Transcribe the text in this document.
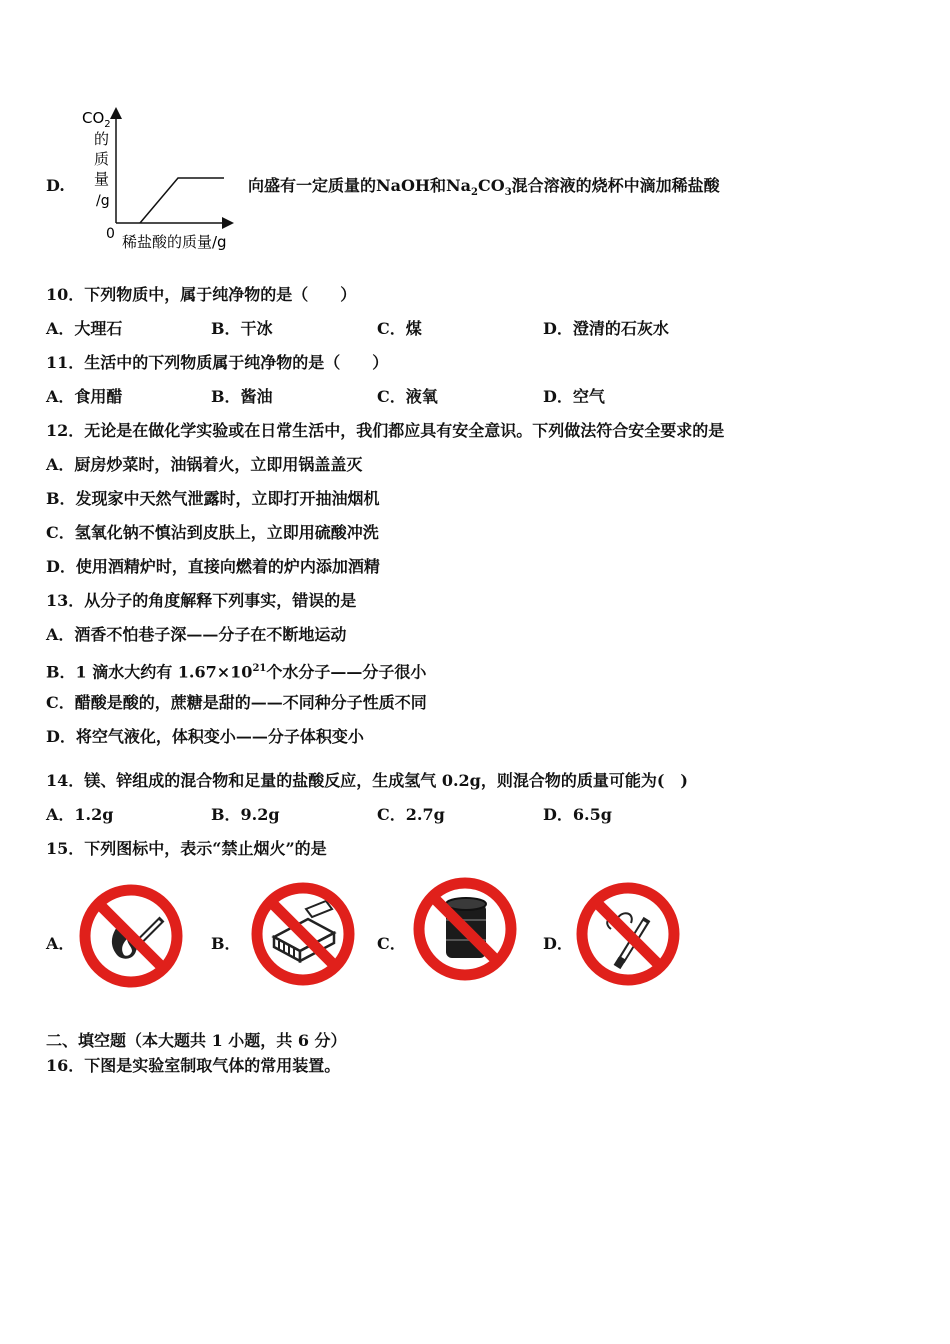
D.
$CO_2$
的
质
量
/g
0 稀盐酸的质量/g
向盛有一定质量的NaOH和$Na_2CO_3$混合溶液的烧杯中滴加稀盐酸
10．下列物质中，属于纯净物的是（　　）
A．大理石	B．干冰	C．煤	D．澄清的石灰水
11．生活中的下列物质属于纯净物的是（　　）
A．食用醋	B．酱油	C．液氧	D．空气
12．无论是在做化学实验或在日常生活中，我们都应具有安全意识。下列做法符合安全要求的是
A．厨房炒菜时，油锅着火，立即用锅盖盖灭
B．发现家中天然气泄露时，立即打开抽油烟机
C．氢氧化钠不慎沾到皮肤上，立即用硫酸冲洗
D．使用酒精炉时，直接向燃着的炉内添加酒精
13．从分子的角度解释下列事实，错误的是
A．酒香不怕巷子深——分子在不断地运动
B．1 滴水大约有 $1.67\times 10^{21}$个水分子——分子很小
C．醋酸是酸的，蔗糖是甜的——不同种分子性质不同
D．将空气液化，体积变小——分子体积变小
14．镁、锌组成的混合物和足量的盐酸反应，生成氢气 0.2g，则混合物的质量可能为(　)
A．1.2g	B．9.2g	C．2.7g	D．6.5g
15．下列图标中，表示“禁止烟火”的是
A．	B．	C．	D．
二、填空题（本大题共 1 小题，共 6 分）
16．下图是实验室制取气体的常用装置。
